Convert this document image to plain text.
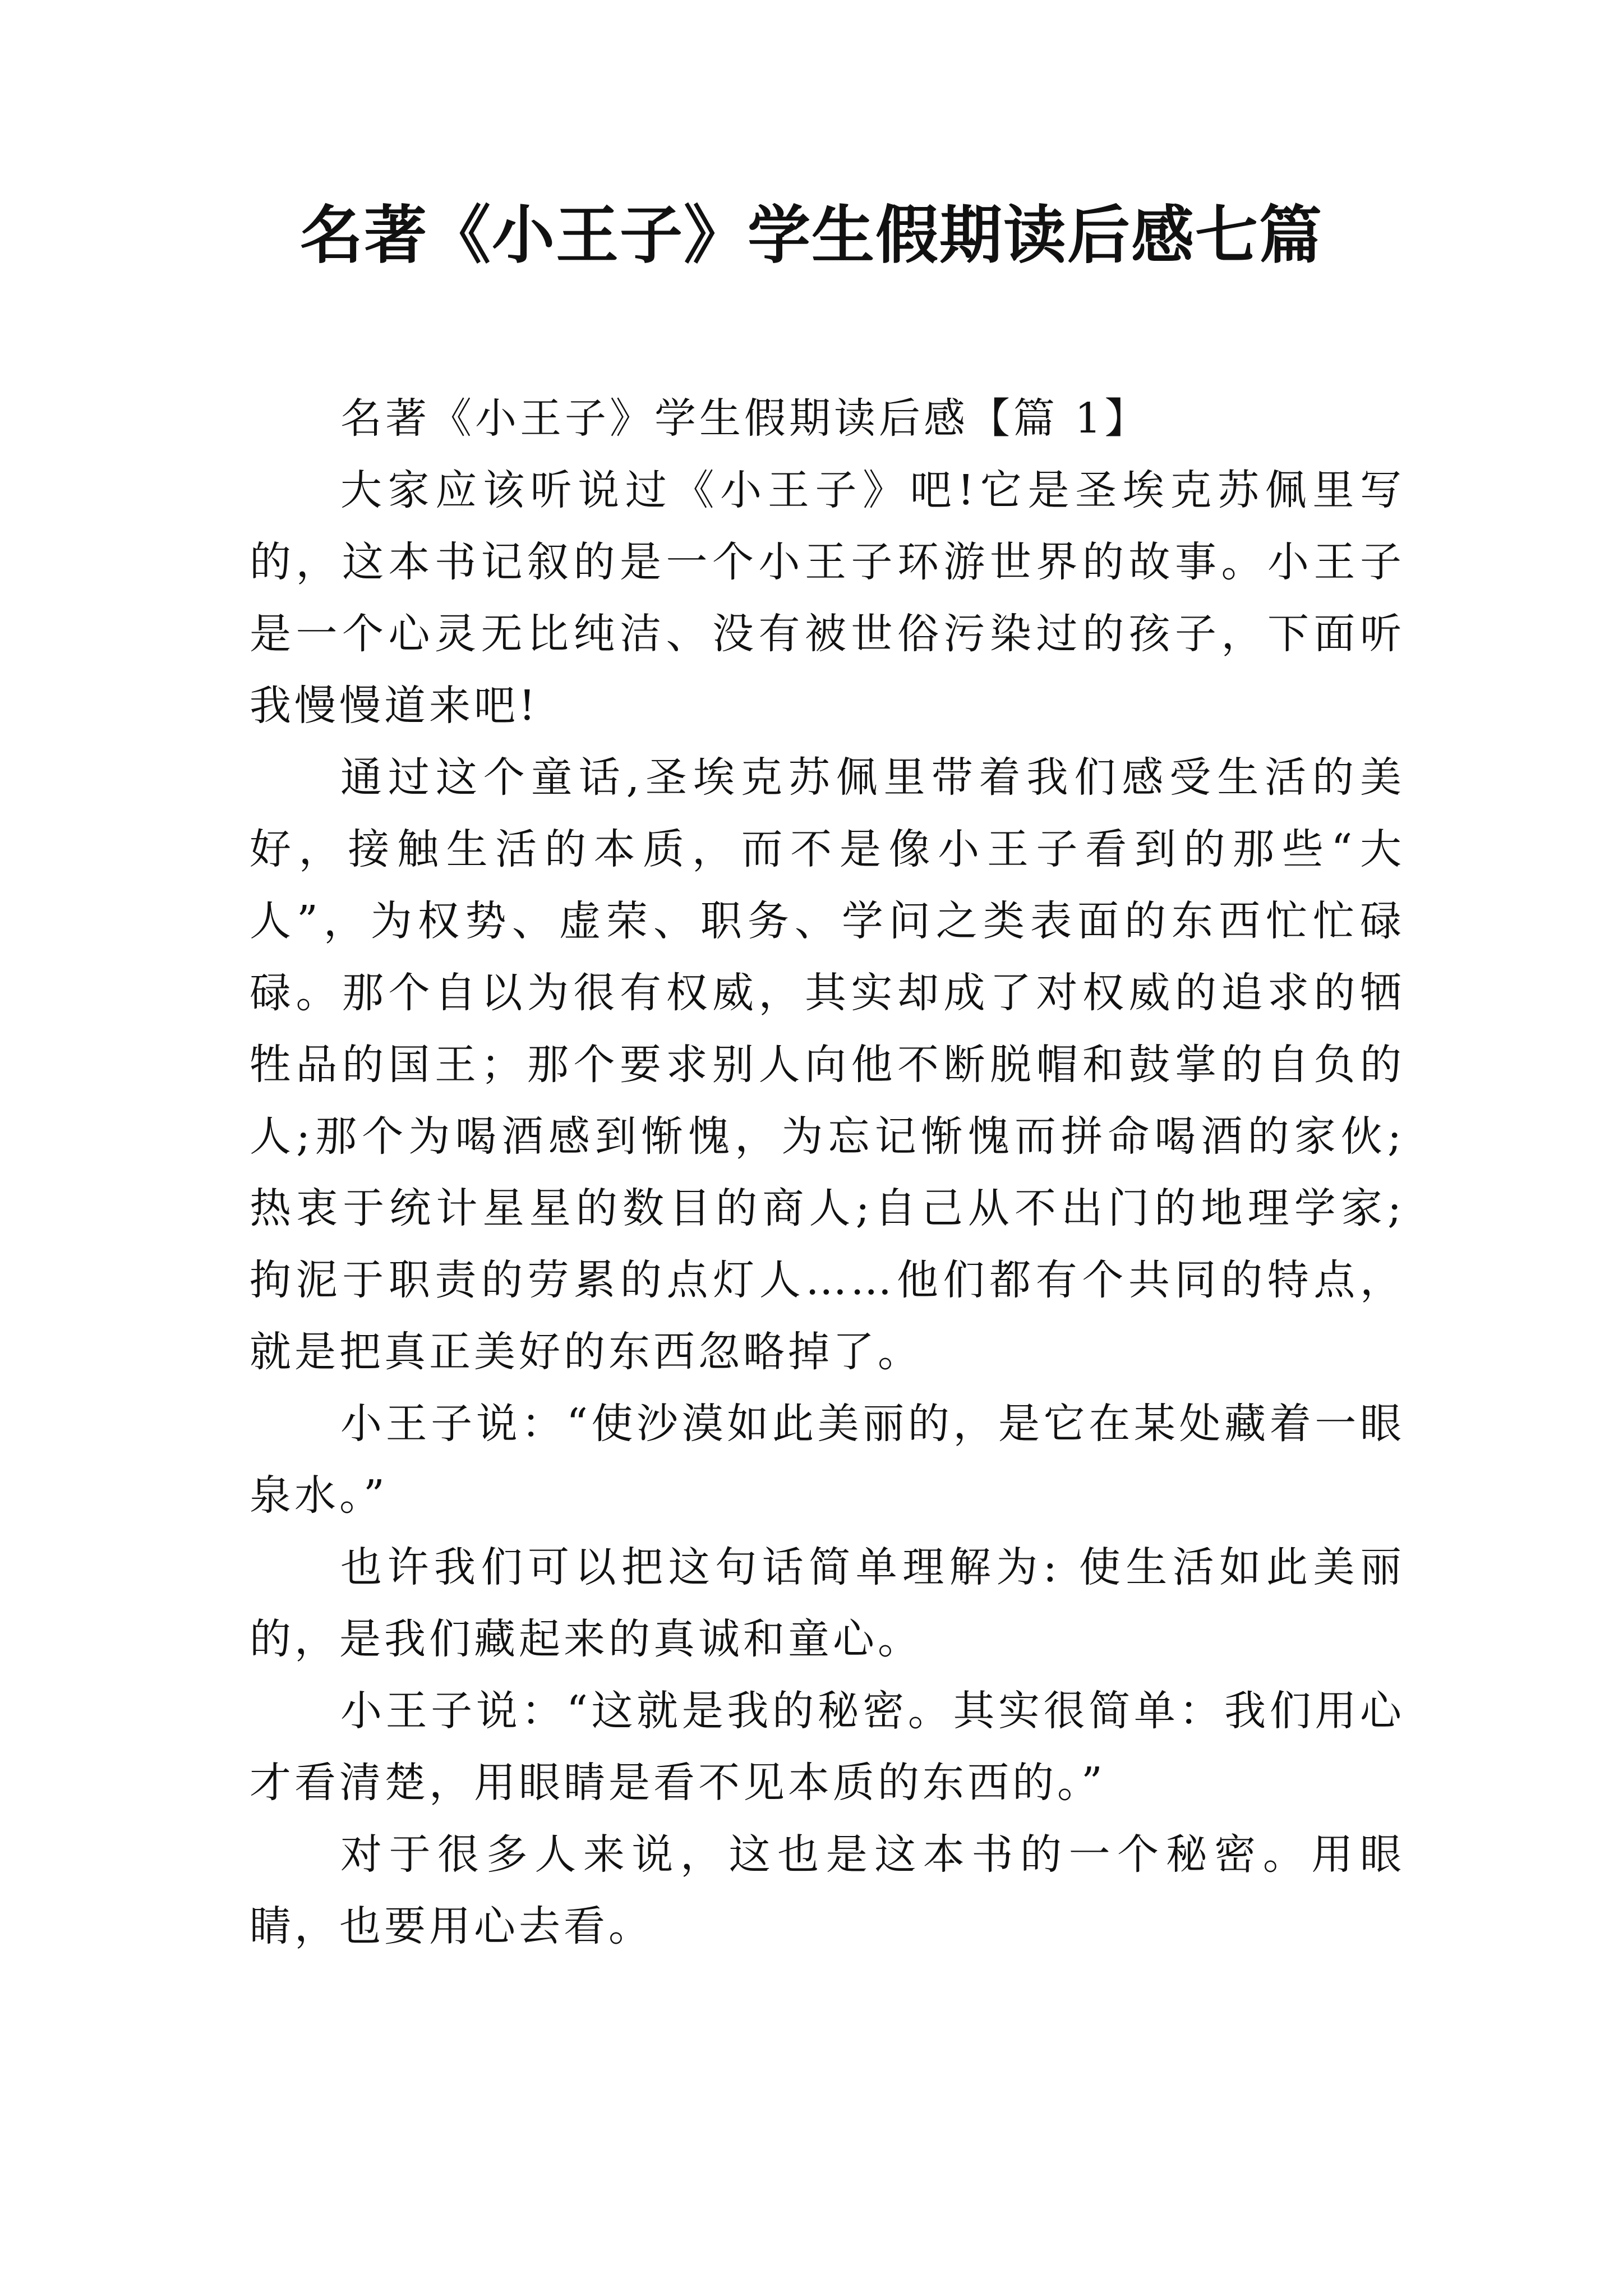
名著《小王子》学生假期读后感七篇

名著《小王子》学生假期读后感【篇 1】

大家应该听说过《小王子》吧!它是圣埃克苏佩里写的，这本书记叙的是一个小王子环游世界的故事。小王子是一个心灵无比纯洁、没有被世俗污染过的孩子，下面听我慢慢道来吧!

通过这个童话,圣埃克苏佩里带着我们感受生活的美好，接触生活的本质，而不是像小王子看到的那些“大人”，为权势、虚荣、职务、学问之类表面的东西忙忙碌碌。那个自以为很有权威，其实却成了对权威的追求的牺牲品的国王；那个要求别人向他不断脱帽和鼓掌的自负的人;那个为喝酒感到惭愧，为忘记惭愧而拼命喝酒的家伙;热衷于统计星星的数目的商人;自己从不出门的地理学家;拘泥于职责的劳累的点灯人……他们都有个共同的特点，就是把真正美好的东西忽略掉了。

小王子说：“使沙漠如此美丽的，是它在某处藏着一眼泉水。”

也许我们可以把这句话简单理解为: 使生活如此美丽的，是我们藏起来的真诚和童心。

小王子说：“这就是我的秘密。其实很简单：我们用心才看清楚，用眼睛是看不见本质的东西的。”

对于很多人来说，这也是这本书的一个秘密。用眼睛，也要用心去看。
